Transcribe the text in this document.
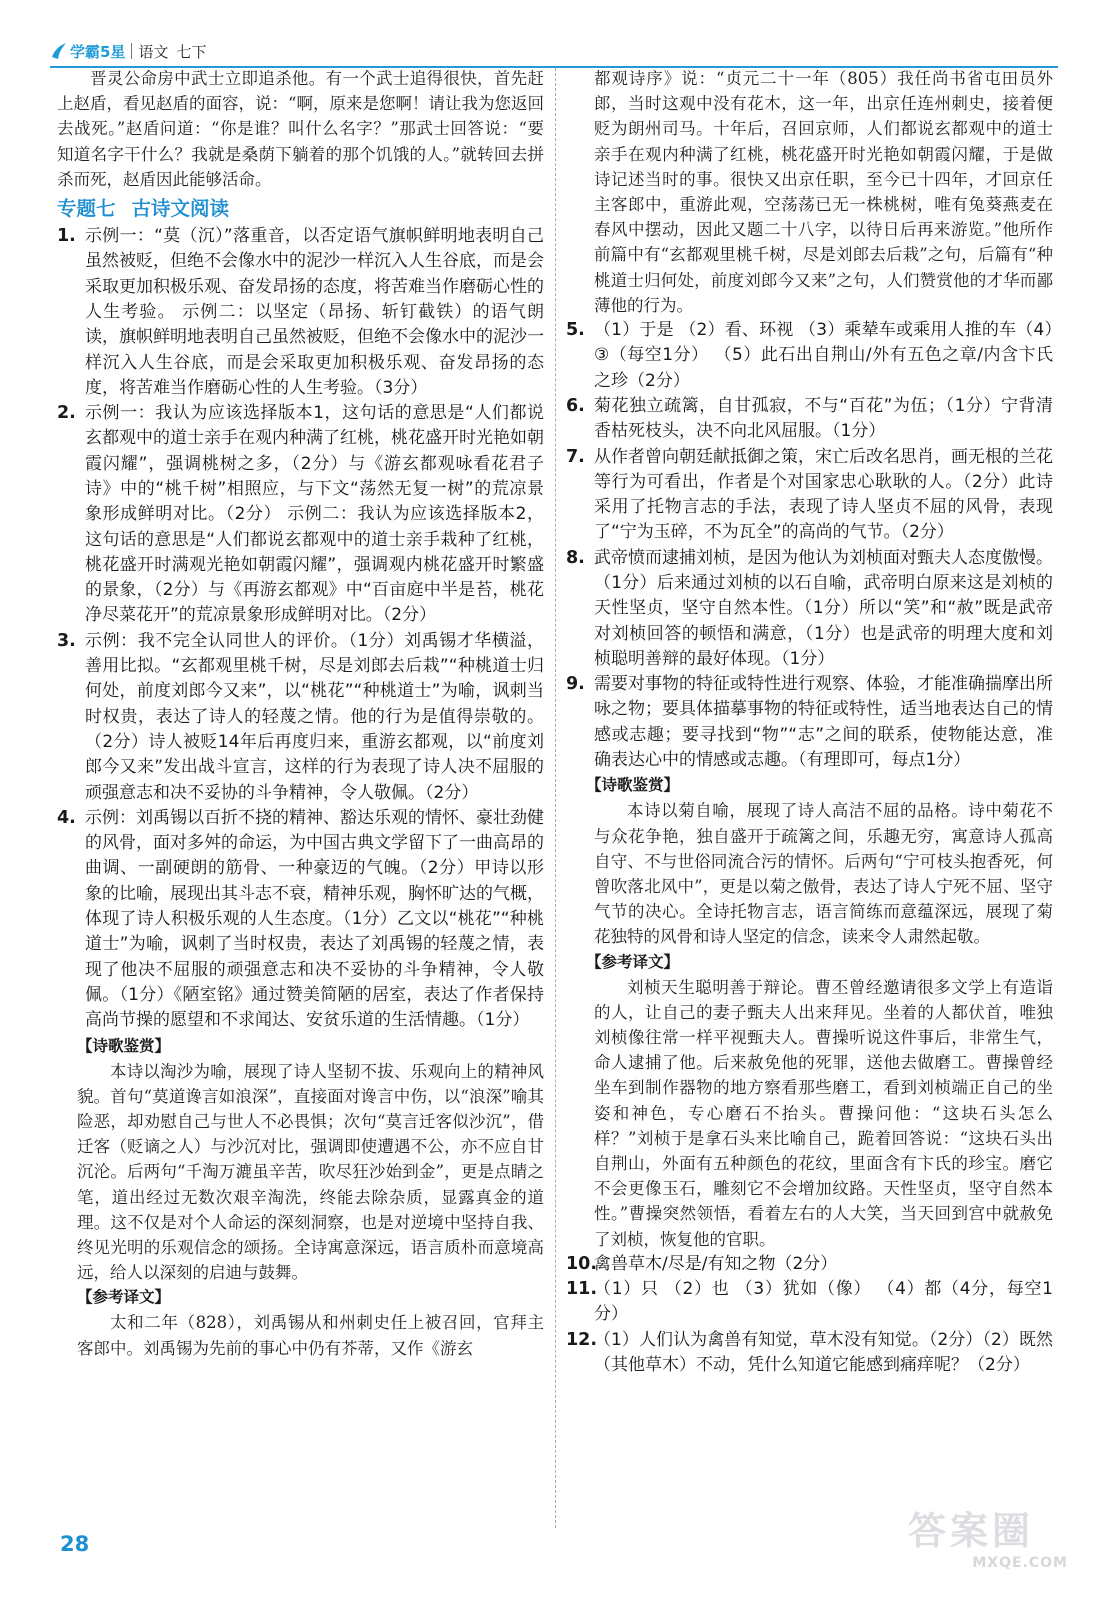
学霸5星 语文 七下

晋灵公命房中武士立即追杀他。有一个武士追得很快，首先赶上赵盾，看见赵盾的面容，说：“啊，原来是您啊！请让我为您返回去战死。”赵盾问道：“你是谁？叫什么名字？”那武士回答说：“要知道名字干什么？我就是桑荫下躺着的那个饥饿的人。”就转回去拼杀而死，赵盾因此能够活命。

专题七 古诗文阅读
1. 示例一：“莫（沉）”落重音，以否定语气旗帜鲜明地表明自己虽然被贬，但绝不会像水中的泥沙一样沉入人生谷底，而是会采取更加积极乐观、奋发昂扬的态度，将苦难当作磨砺心性的人生考验。 示例二：以坚定（昂扬、斩钉截铁）的语气朗读，旗帜鲜明地表明自己虽然被贬，但绝不会像水中的泥沙一样沉入人生谷底，而是会采取更加积极乐观、奋发昂扬的态度，将苦难当作磨砺心性的人生考验。（3分）
2. 示例一：我认为应该选择版本1，这句话的意思是“人们都说玄都观中的道士亲手在观内种满了红桃，桃花盛开时光艳如朝霞闪耀”，强调桃树之多，（2分）与《游玄都观咏看花君子诗》中的“桃千树”相照应，与下文“荡然无复一树”的荒凉景象形成鲜明对比。（2分） 示例二：我认为应该选择版本2，这句话的意思是“人们都说玄都观中的道士亲手栽种了红桃，桃花盛开时满观光艳如朝霞闪耀”，强调观内桃花盛开时繁盛的景象，（2分）与《再游玄都观》中“百亩庭中半是苔，桃花净尽菜花开”的荒凉景象形成鲜明对比。（2分）
3. 示例：我不完全认同世人的评价。（1分）刘禹锡才华横溢，善用比拟。“玄都观里桃千树，尽是刘郎去后栽”“种桃道士归何处，前度刘郎今又来”，以“桃花”“种桃道士”为喻，讽刺当时权贵，表达了诗人的轻蔑之情。他的行为是值得崇敬的。（2分）诗人被贬14年后再度归来，重游玄都观，以“前度刘郎今又来”发出战斗宣言，这样的行为表现了诗人决不屈服的顽强意志和决不妥协的斗争精神，令人敬佩。（2分）
4. 示例：刘禹锡以百折不挠的精神、豁达乐观的情怀、豪壮劲健的风骨，面对多舛的命运，为中国古典文学留下了一曲高昂的曲调、一副硬朗的筋骨、一种豪迈的气魄。（2分）甲诗以形象的比喻，展现出其斗志不衰，精神乐观，胸怀旷达的气概，体现了诗人积极乐观的人生态度。（1分）乙文以“桃花”“种桃道士”为喻，讽刺了当时权贵，表达了刘禹锡的轻蔑之情，表现了他决不屈服的顽强意志和决不妥协的斗争精神，令人敬佩。（1分）《陋室铭》通过赞美简陋的居室，表达了作者保持高尚节操的愿望和不求闻达、安贫乐道的生活情趣。（1分）
【诗歌鉴赏】

本诗以淘沙为喻，展现了诗人坚韧不拔、乐观向上的精神风貌。首句“莫道谗言如浪深”，直接面对谗言中伤，以“浪深”喻其险恶，却劝慰自己与世人不必畏惧；次句“莫言迁客似沙沉”，借迁客（贬谪之人）与沙沉对比，强调即使遭遇不公，亦不应自甘沉沦。后两句“千淘万漉虽辛苦，吹尽狂沙始到金”，更是点睛之笔，道出经过无数次艰辛淘洗，终能去除杂质，显露真金的道理。这不仅是对个人命运的深刻洞察，也是对逆境中坚持自我、终见光明的乐观信念的颂扬。全诗寓意深远，语言质朴而意境高远，给人以深刻的启迪与鼓舞。

【参考译文】

太和二年（828），刘禹锡从和州刺史任上被召回，官拜主客郎中。刘禹锡为先前的事心中仍有芥蒂，又作《游玄

都观诗序》说：“贞元二十一年（805）我任尚书省屯田员外郎，当时这观中没有花木，这一年，出京任连州刺史，接着便贬为朗州司马。十年后，召回京师，人们都说玄都观中的道士亲手在观内种满了红桃，桃花盛开时光艳如朝霞闪耀，于是做诗记述当时的事。很快又出京任职，至今已十四年，才回京任主客郎中，重游此观，空荡荡已无一株桃树，唯有兔葵燕麦在春风中摆动，因此又题二十八字，以待日后再来游览。”他所作前篇中有“玄都观里桃千树，尽是刘郎去后栽”之句，后篇有“种桃道士归何处，前度刘郎今又来”之句，人们赞赏他的才华而鄙薄他的行为。

5. （1）于是 （2）看、环视 （3）乘辇车或乘用人推的车（4）③（每空1分） （5）此石出自荆山/外有五色之章/内含卞氏之珍（2分）
6. 菊花独立疏篱，自甘孤寂，不与“百花”为伍；（1分）宁背清香枯死枝头，决不向北风屈服。（1分）
7. 从作者曾向朝廷献抵御之策，宋亡后改名思肖，画无根的兰花等行为可看出，作者是个对国家忠心耿耿的人。（2分）此诗采用了托物言志的手法，表现了诗人坚贞不屈的风骨，表现了“宁为玉碎，不为瓦全”的高尚的气节。（2分）
8. 武帝愤而逮捕刘桢，是因为他认为刘桢面对甄夫人态度傲慢。（1分）后来通过刘桢的以石自喻，武帝明白原来这是刘桢的天性坚贞，坚守自然本性。（1分）所以“笑”和“赦”既是武帝对刘桢回答的顿悟和满意，（1分）也是武帝的明理大度和刘桢聪明善辩的最好体现。（1分）
9. 需要对事物的特征或特性进行观察、体验，才能准确揣摩出所咏之物；要具体描摹事物的特征或特性，适当地表达自己的情感或志趣；要寻找到“物”“志”之间的联系，使物能达意，准确表达心中的情感或志趣。（有理即可，每点1分）
【诗歌鉴赏】

本诗以菊自喻，展现了诗人高洁不屈的品格。诗中菊花不与众花争艳，独自盛开于疏篱之间，乐趣无穷，寓意诗人孤高自守、不与世俗同流合污的情怀。后两句“宁可枝头抱香死，何曾吹落北风中”，更是以菊之傲骨，表达了诗人宁死不屈、坚守气节的决心。全诗托物言志，语言简练而意蕴深远，展现了菊花独特的风骨和诗人坚定的信念，读来令人肃然起敬。

【参考译文】

刘桢天生聪明善于辩论。曹丕曾经邀请很多文学上有造诣的人，让自己的妻子甄夫人出来拜见。坐着的人都伏首，唯独刘桢像往常一样平视甄夫人。曹操听说这件事后，非常生气，命人逮捕了他。后来赦免他的死罪，送他去做磨工。曹操曾经坐车到制作器物的地方察看那些磨工，看到刘桢端正自己的坐姿和神色，专心磨石不抬头。曹操问他：“这块石头怎么样？”刘桢于是拿石头来比喻自己，跪着回答说：“这块石头出自荆山，外面有五种颜色的花纹，里面含有卞氏的珍宝。磨它不会更像玉石，雕刻它不会增加纹路。天性坚贞，坚守自然本性。”曹操突然领悟，看着左右的人大笑，当天回到宫中就赦免了刘桢，恢复他的官职。

10.
禽兽草木/尽是/有知之物（2分）
11.
（1）只 （2）也 （3）犹如（像） （4）都（4分，每空1分）
12.
（1）人们认为禽兽有知觉，草木没有知觉。（2分）（2）既然（其他草木）不动，凭什么知道它能感到痛痒呢？（2分）
28	答案圈
MXQE.COM
